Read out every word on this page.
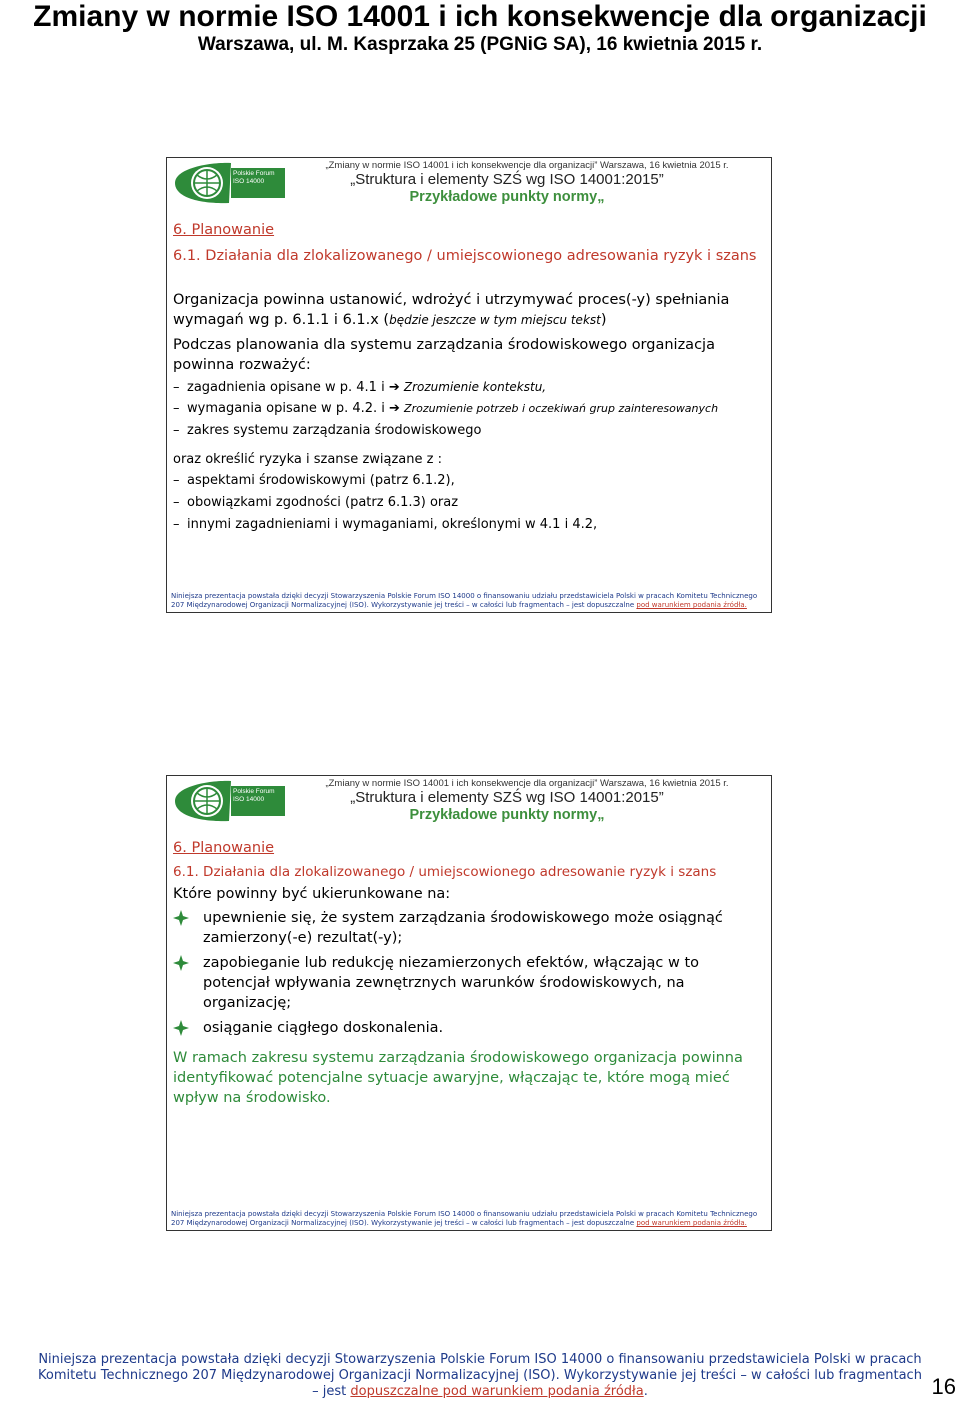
Zmiany w normie ISO 14001 i ich konsekwencje dla organizacji
Warszawa, ul. M. Kasprzaka 25 (PGNiG SA), 16 kwietnia 2015 r.
Polskie Forum
ISO 14000
„Zmiany w normie ISO 14001 i ich konsekwencje dla organizacji” Warszawa, 16 kwietnia 2015 r.
„Struktura i elementy SZŚ wg ISO 14001:2015”
Przykładowe punkty normy„
6. Planowanie
6.1. Działania dla zlokalizowanego / umiejscowionego adresowania ryzyk i szans
Organizacja powinna ustanowić, wdrożyć i utrzymywać proces(-y) spełniania wymagań wg p. 6.1.1 i 6.1.x (będzie jeszcze w tym miejscu tekst)
Podczas planowania dla systemu zarządzania środowiskowego organizacja powinna rozważyć:
– zagadnienia opisane w p. 4.1 i ➔ Zrozumienie kontekstu,
– wymagania opisane w p. 4.2. i ➔ Zrozumienie potrzeb i oczekiwań grup zainteresowanych
– zakres systemu zarządzania środowiskowego
oraz określić ryzyka i szanse związane z :
– aspektami środowiskowymi (patrz 6.1.2),
– obowiązkami zgodności (patrz 6.1.3) oraz
– innymi zagadnieniami i wymaganiami, określonymi w 4.1 i 4.2,
Niniejsza prezentacja powstała dzięki decyzji Stowarzyszenia Polskie Forum ISO 14000 o finansowaniu udziału przedstawiciela Polski w pracach Komitetu Technicznego 207 Międzynarodowej Organizacji Normalizacyjnej (ISO). Wykorzystywanie jej treści – w całości lub fragmentach – jest dopuszczalne pod warunkiem podania źródła.
Polskie Forum
ISO 14000
„Zmiany w normie ISO 14001 i ich konsekwencje dla organizacji” Warszawa, 16 kwietnia 2015 r.
„Struktura i elementy SZŚ wg ISO 14001:2015”
Przykładowe punkty normy„
6. Planowanie
6.1. Działania dla zlokalizowanego / umiejscowionego adresowanie ryzyk i szans
Które powinny być ukierunkowane na:
upewnienie się, że system zarządzania środowiskowego może osiągnąć zamierzony(-e) rezultat(-y);
zapobieganie lub redukcję niezamierzonych efektów, włączając w to potencjał wpływania zewnętrznych warunków środowiskowych, na organizację;
osiąganie ciągłego doskonalenia.
W ramach zakresu systemu zarządzania środowiskowego organizacja powinna identyfikować potencjalne sytuacje awaryjne, włączając te, które mogą mieć wpływ na środowisko.
Niniejsza prezentacja powstała dzięki decyzji Stowarzyszenia Polskie Forum ISO 14000 o finansowaniu udziału przedstawiciela Polski w pracach Komitetu Technicznego 207 Międzynarodowej Organizacji Normalizacyjnej (ISO). Wykorzystywanie jej treści – w całości lub fragmentach – jest dopuszczalne pod warunkiem podania źródła.
Niniejsza prezentacja powstała dzięki decyzji Stowarzyszenia Polskie Forum ISO 14000 o finansowaniu przedstawiciela Polski w pracach
Komitetu Technicznego 207 Międzynarodowej Organizacji Normalizacyjnej (ISO). Wykorzystywanie jej treści – w całości lub fragmentach
– jest dopuszczalne pod warunkiem podania źródła.	16
